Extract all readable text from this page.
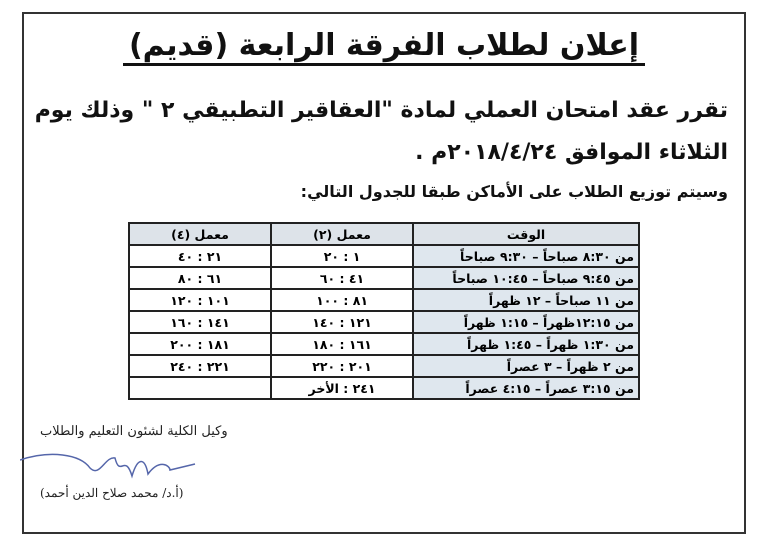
إعلان لطلاب الفرقة الرابعة (قديم)
تقرر عقد امتحان العملي لمادة "العقاقير التطبيقي ٢ " وذلك يوم
الثلاثاء الموافق ٢٠١٨/٤/٢٤م .
وسيتم توزيع الطلاب على الأماكن طبقا للجدول التالي:
الوقت	معمل (٢)	معمل (٤)
من ٨:٣٠ صباحاً – ٩:٣٠ صباحاً	١ : ٢٠	٢١ : ٤٠
من ٩:٤٥ صباحاً – ١٠:٤٥ صباحاً	٤١ : ٦٠	٦١ : ٨٠
من ١١ صباحاً – ١٢ ظهراً	٨١ : ١٠٠	١٠١ : ١٢٠
من ١٢:١٥ظهراً – ١:١٥ ظهراً	١٢١ : ١٤٠	١٤١ : ١٦٠
من ١:٣٠ ظهراً – ١:٤٥ ظهراً	١٦١ : ١٨٠	١٨١ : ٢٠٠
من ٢ ظهراً – ٣ عصراً	٢٠١ : ٢٢٠	٢٢١ : ٢٤٠
من ٣:١٥ عصراً – ٤:١٥ عصراً	٢٤١ : الأخر	
وكيل الكلية لشئون التعليم والطلاب
(أ.د/ محمد صلاح الدين أحمد)
